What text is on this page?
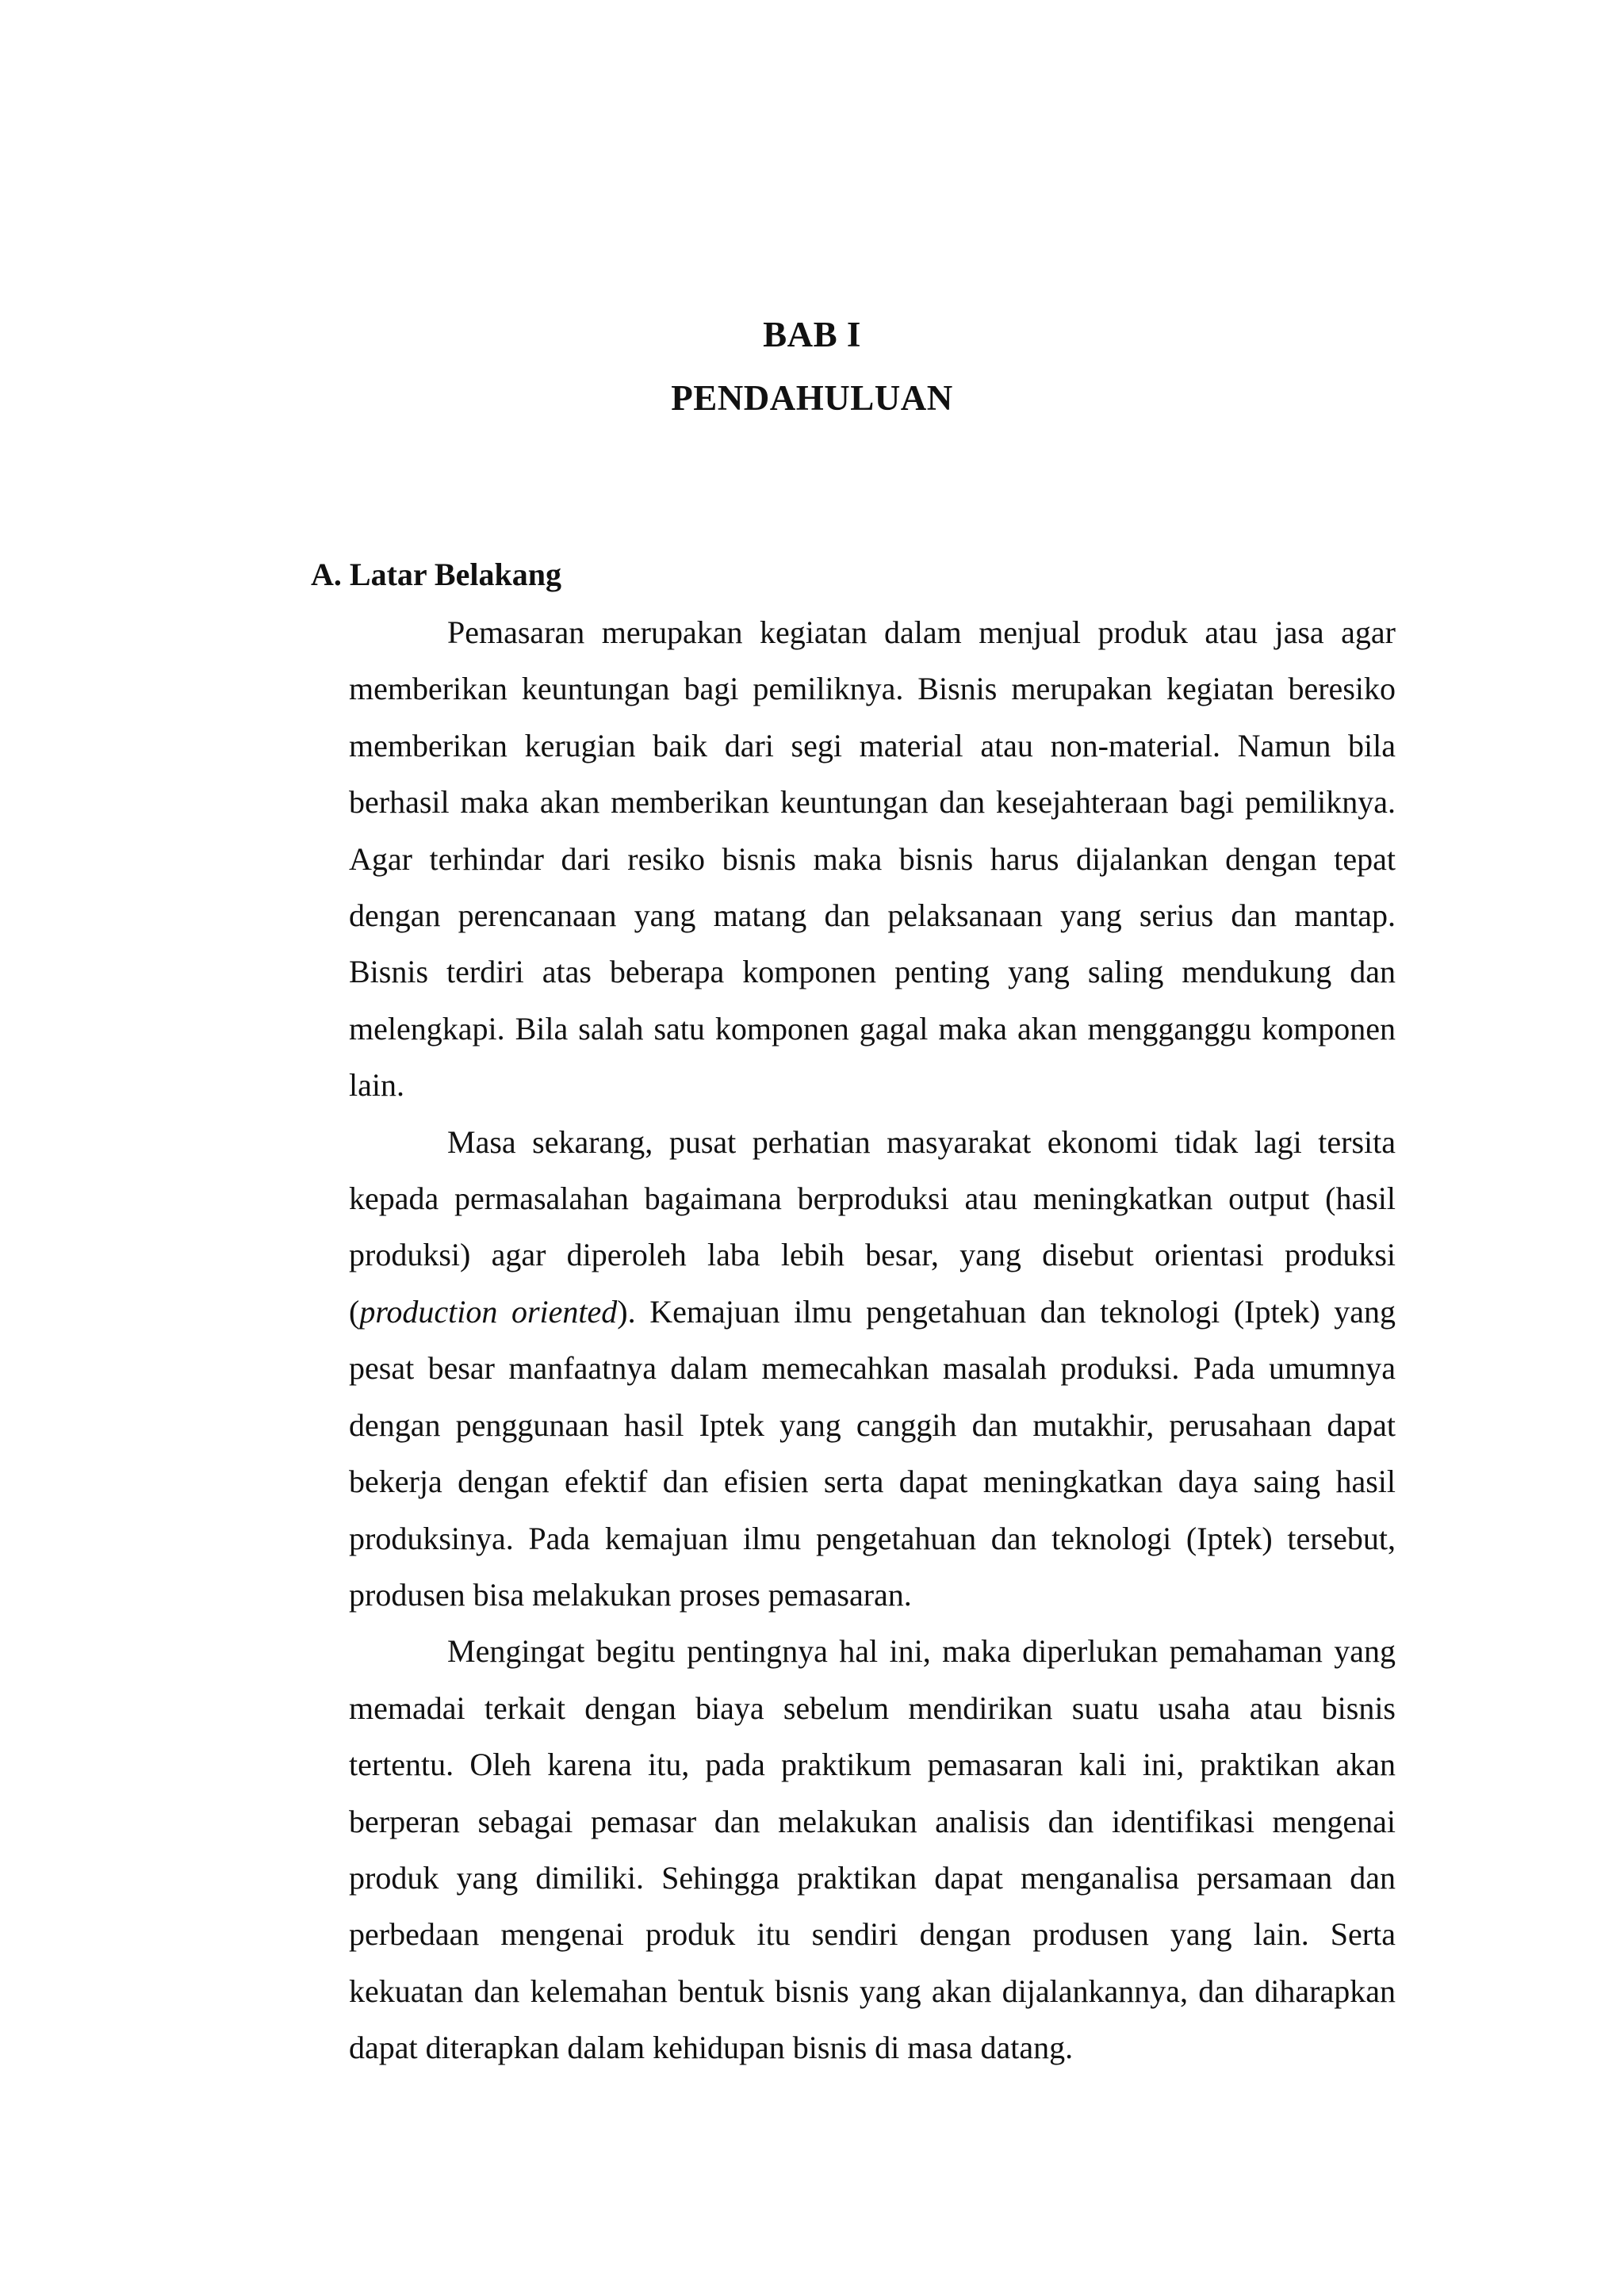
BAB I
PENDAHULUAN
A. Latar Belakang

Pemasaran merupakan kegiatan dalam menjual produk atau jasa agar memberikan keuntungan bagi pemiliknya. Bisnis merupakan kegiatan beresiko memberikan kerugian baik dari segi material atau non-material. Namun bila berhasil maka akan memberikan keuntungan dan kesejahteraan bagi pemiliknya. Agar terhindar dari resiko bisnis maka bisnis harus dijalankan dengan tepat dengan perencanaan yang matang dan pelaksanaan yang serius dan mantap. Bisnis terdiri atas beberapa komponen penting yang saling mendukung dan melengkapi. Bila salah satu komponen gagal maka akan mengganggu komponen lain.

Masa sekarang, pusat perhatian masyarakat ekonomi tidak lagi tersita kepada permasalahan bagaimana berproduksi atau meningkatkan output (hasil produksi) agar diperoleh laba lebih besar, yang disebut orientasi produksi (production oriented). Kemajuan ilmu pengetahuan dan teknologi (Iptek) yang pesat besar manfaatnya dalam memecahkan masalah produksi. Pada umumnya dengan penggunaan hasil Iptek yang canggih dan mutakhir, perusahaan dapat bekerja dengan efektif dan efisien serta dapat meningkatkan daya saing hasil produksinya. Pada kemajuan ilmu pengetahuan dan teknologi (Iptek) tersebut, produsen bisa melakukan proses pemasaran.

Mengingat begitu pentingnya hal ini, maka diperlukan pemahaman yang memadai terkait dengan biaya sebelum mendirikan suatu usaha atau bisnis tertentu. Oleh karena itu, pada praktikum pemasaran kali ini, praktikan akan berperan sebagai pemasar dan melakukan analisis dan identifikasi mengenai produk yang dimiliki. Sehingga praktikan dapat menganalisa persamaan dan perbedaan mengenai produk itu sendiri dengan produsen yang lain. Serta kekuatan dan kelemahan bentuk bisnis yang akan dijalankannya, dan diharapkan dapat diterapkan dalam kehidupan bisnis di masa datang.
